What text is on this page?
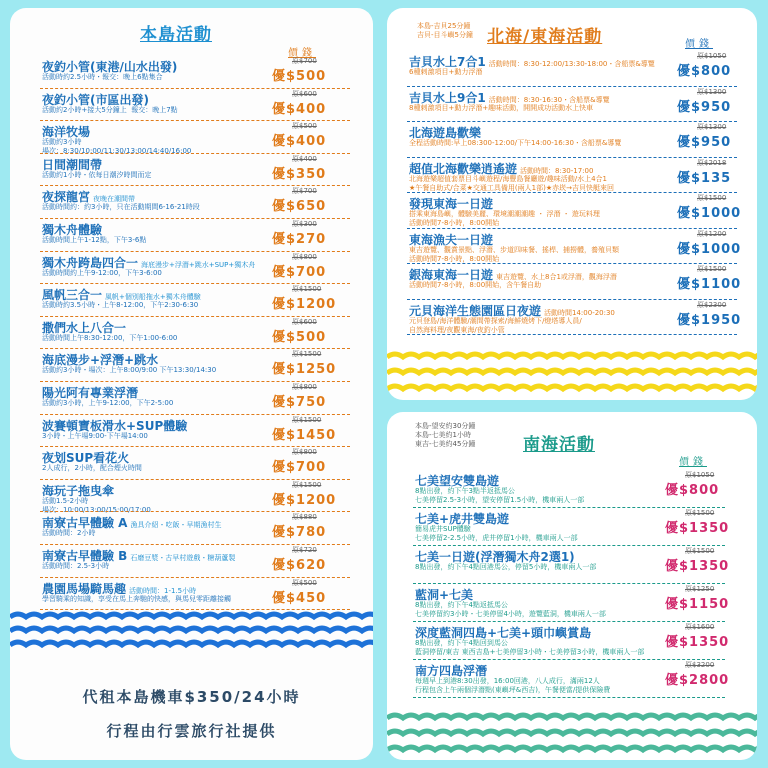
本島活動
價錢
夜釣小管(東港/山水出發)
活動時約2.5小時・報交：晚上6點集合
原$700
優$500
夜釣小管(市區出發)
活動約2小時+接大5分鐘上  報交：晚上7點
原$600
優$400
海洋牧場
活動約3小時
場次：8:30/10:00/11:30/13:00/14:40/16:00
原$500
優$400
日間潮間帶
活動約1小時・依每日潮汐時間而定
原$400
優$350
夜探龍宮 夜晚在潮間帶
活動時間約：約3小時，只在活動期間6-16-21時段
原$700
優$650
獨木舟體驗
活動時間上午1-12點，下午3-6點
原$300
優$270
獨木舟跨島四合一 海底漫步+浮潛+跳水+SUP+獨木舟
活動時間約上午9-12:00，下午3-6:00
原$800
優$700
風帆三合一 風帆+個別船拖水+獨木舟體驗
活動時約3.5小時・上午8-12:00，下午2:30-6:30
原$1500
優$1200
撒們水上八合一
活動時間上午8:30-12:00，下午1:00-6:00
原$600
優$500
海底漫步+浮潛+跳水
活動約3小時・場次：上午8:00/9:00 下午13:30/14:30
原$1500
優$1250
陽光阿有專業浮潛
活動約3小時，上午9-12:00，下午2-5:00
原$800
優$750
波賽頓寶板滑水+SUP體驗
3小時・上午場9:00-下午場14:00
原$1500
優$1450
夜划SUP看花火
2人成行，2小時，配合煙火時間
原$800
優$700
海玩子拖曳傘
活動1.5-2小時
場次：10:00/13:00/15:00/17:00
原$1500
優$1200
南寮古早體驗 A 漁具介紹・吃飯・早期漁村生
活動時間：2小時
原$880
優$780
南寮古早體驗 B 石磨豆漿・古早村遊戲・糖葫蘆製
活動時間：2.5-3小時
原$720
優$620
農園馬場騎馬趣 活動時間：1-1.5小時
學習騎乘的知識，享受在馬上奔馳的快感，與馬兒零距離接觸
原$500
優$450
代租本島機車$350/24小時
行程由行雲旅行社提供
本島-吉貝25分鐘
吉貝-目斗嶼5分鐘 北海/東海活動	價錢
吉貝水上7合1 活動時間：8:30-12:00/13:30-18:00・含船票&導覽
6種刺激項目+動力浮潛
原$1050
優$800
吉貝水上9合1 活動時間：8:30-16:30・含船票&導覽
8種刺激項目+動力浮潛+趣味活動，開開成功活動水上快車
原$1300
優$950
北海遊島歡樂
全程活動時間:早上08:300-12:00/下午14:00-16:30・含船票&導覽
原$1300
優$950
超值北海歡樂逍遙遊 活動時間：8:30-17:00
北海遊樂超值套票目斗嶼遊程/海豐島餐廳遊/趣味活動/水上4合1
★午餐自助式/合菜★交通工具備用(兩人1部)★赤崁→吉貝快艇來回
原$2018
優$135
發現東海一日遊
搭乘東海島嶼，體驗美麗、環境潮潮潮趣 ・ 浮潛 ・ 遊玩料理
活動時間7-8小時，8:00開始
原$1500
優$1000
東海漁夫一日遊
東吉遊覽、觀賞景點、浮潛、步道四味餐、搖桿、捕撈體，養殖貝類
活動時間7-8小時，8:00開始
原$1200
優$1000
銀海東海一日遊 東吉遊覽、水上8合1或浮潛，觀海浮潛
活動時間7-8小時，8:00開始，含午餐自助
原$1500
優$1100
元貝海洋生態園區日夜遊 活動時間14:00-20:30
元貝登島/海洋體驗/潮間帶探索/海鮮燒烤下/燈塔導人員/
自然海料理/夜觀東海/夜釣小管
原$2300
優$1950
本島-望安約30分鐘
本島-七美約1小時
東吉-七美約45分鐘	南海活動
價錢
七美望安雙島遊
8點出發，約下午3點半返抵馬公
七美停留2.5-3小時，望安停留1.5小時，機車兩人一部
原$1050
優$800
七美+虎井雙島遊
簡易虎井SUP體驗
七美停留2-2.5小時，虎井停留1小時，機車兩人一部
原$1500
優$1350
七美一日遊(浮潛獨木舟2選1)
8點出發，約下午4點回港馬公，停留5小時，機車兩人一部
原$1500
優$1350
藍洞+七美
8點出發，約下午4點返抵馬公
七美停留約3小時・七美停留4小時，遊覽藍洞，機車兩人一部
原$1250
優$1150
深度藍洞四島+七美+頭巾嶼賞島
8點出發，約下午4點回到馬公
藍洞停留/東吉 東西吉島+七美停留3小時・七美停留3小時，機車兩人一部
原$1600
優$1350
南方四島浮潛
每週早上到港8:30出發，16:00回港，八人成行，滿兩12人
行程包含上午兩個浮潛點(東嶼坪&西吉)，午餐便當/提供保險費
原$3200
優$2800
